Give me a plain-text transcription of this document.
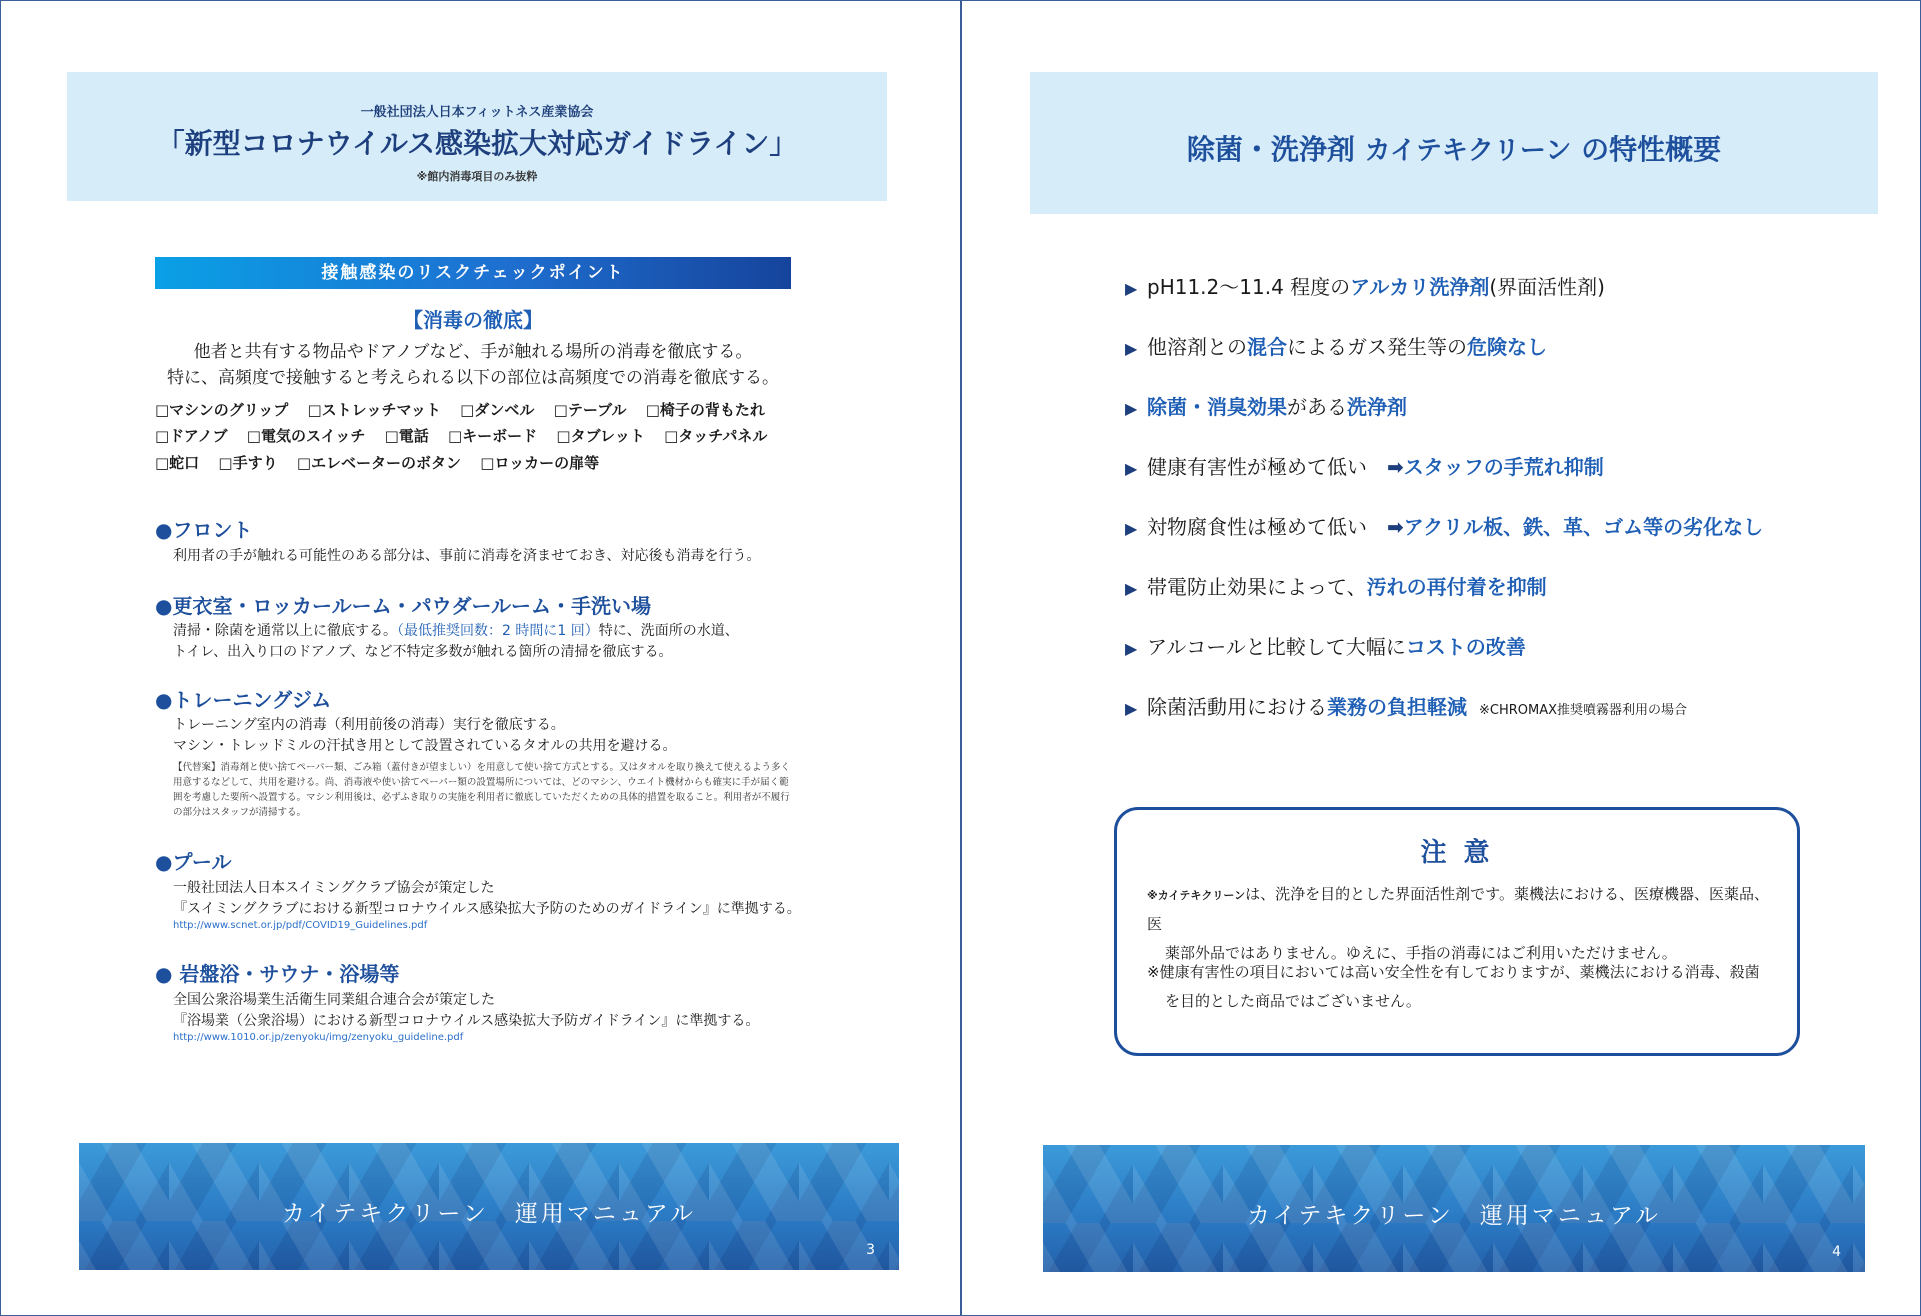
一般社団法人日本フィットネス産業協会
「新型コロナウイルス感染拡大対応ガイドライン」
※館内消毒項目のみ抜粋
接触感染のリスクチェックポイント
【消毒の徹底】
他者と共有する物品やドアノブなど、手が触れる場所の消毒を徹底する。
特に、高頻度で接触すると考えられる以下の部位は高頻度での消毒を徹底する。
□マシンのグリップ □ストレッチマット □ダンベル □テーブル □椅子の背もたれ
□ドアノブ □電気のスイッチ □電話 □キーボード □タブレット □タッチパネル
□蛇口 □手すり □エレベーターのボタン □ロッカーの扉等
●フロント
利用者の手が触れる可能性のある部分は、事前に消毒を済ませておき、対応後も消毒を行う。
●更衣室・ロッカールーム・パウダールーム・手洗い場
清掃・除菌を通常以上に徹底する。（最低推奨回数：2 時間に1 回）特に、洗面所の水道、
トイレ、出入り口のドアノブ、など不特定多数が触れる箇所の清掃を徹底する。
●トレーニングジム
トレーニング室内の消毒（利用前後の消毒）実行を徹底する。
マシン・トレッドミルの汗拭き用として設置されているタオルの共用を避ける。
【代替案】消毒剤と使い捨てペーパー類、ごみ箱（蓋付きが望ましい）を用意して使い捨て方式とする。又はタオルを取り換えて使えるよう多く用意するなどして、共用を避ける。尚、消毒液や使い捨てペーパー類の設置場所については、どのマシン、ウエイト機材からも確実に手が届く範囲を考慮した要所へ設置する。マシン利用後は、必ずふき取りの実施を利用者に徹底していただくための具体的措置を取ること。利用者が不履行の部分はスタッフが清掃する。
●プール
一般社団法人日本スイミングクラブ協会が策定した
『スイミングクラブにおける新型コロナウイルス感染拡大予防のためのガイドライン』に準拠する。
http://www.scnet.or.jp/pdf/COVID19_Guidelines.pdf
● 岩盤浴・サウナ・浴場等
全国公衆浴場業生活衛生同業組合連合会が策定した
『浴場業（公衆浴場）における新型コロナウイルス感染拡大予防ガイドライン』に準拠する。
http://www.1010.or.jp/zenyoku/img/zenyoku_guideline.pdf
カイテキクリーン　運用マニュアル
3
除菌・洗浄剤 カイテキクリーン の特性概要
▶ pH11.2～11.4 程度のアルカリ洗浄剤(界面活性剤)
▶ 他溶剤との混合によるガス発生等の危険なし
▶ 除菌・消臭効果がある洗浄剤
▶ 健康有害性が極めて低い　➡スタッフの手荒れ抑制
▶ 対物腐食性は極めて低い　➡アクリル板、鉄、革、ゴム等の劣化なし
▶ 帯電防止効果によって、汚れの再付着を抑制
▶ アルコールと比較して大幅にコストの改善
▶ 除菌活動用における業務の負担軽減 ※CHROMAX推奨噴霧器利用の場合
注 意
※カイテキクリーンは、洗浄を目的とした界面活性剤です。薬機法における、医療機器、医薬品、医
薬部外品ではありません。ゆえに、手指の消毒にはご利用いただけません。
※健康有害性の項目においては高い安全性を有しておりますが、薬機法における消毒、殺菌
を目的とした商品ではございません。
カイテキクリーン　運用マニュアル
4
